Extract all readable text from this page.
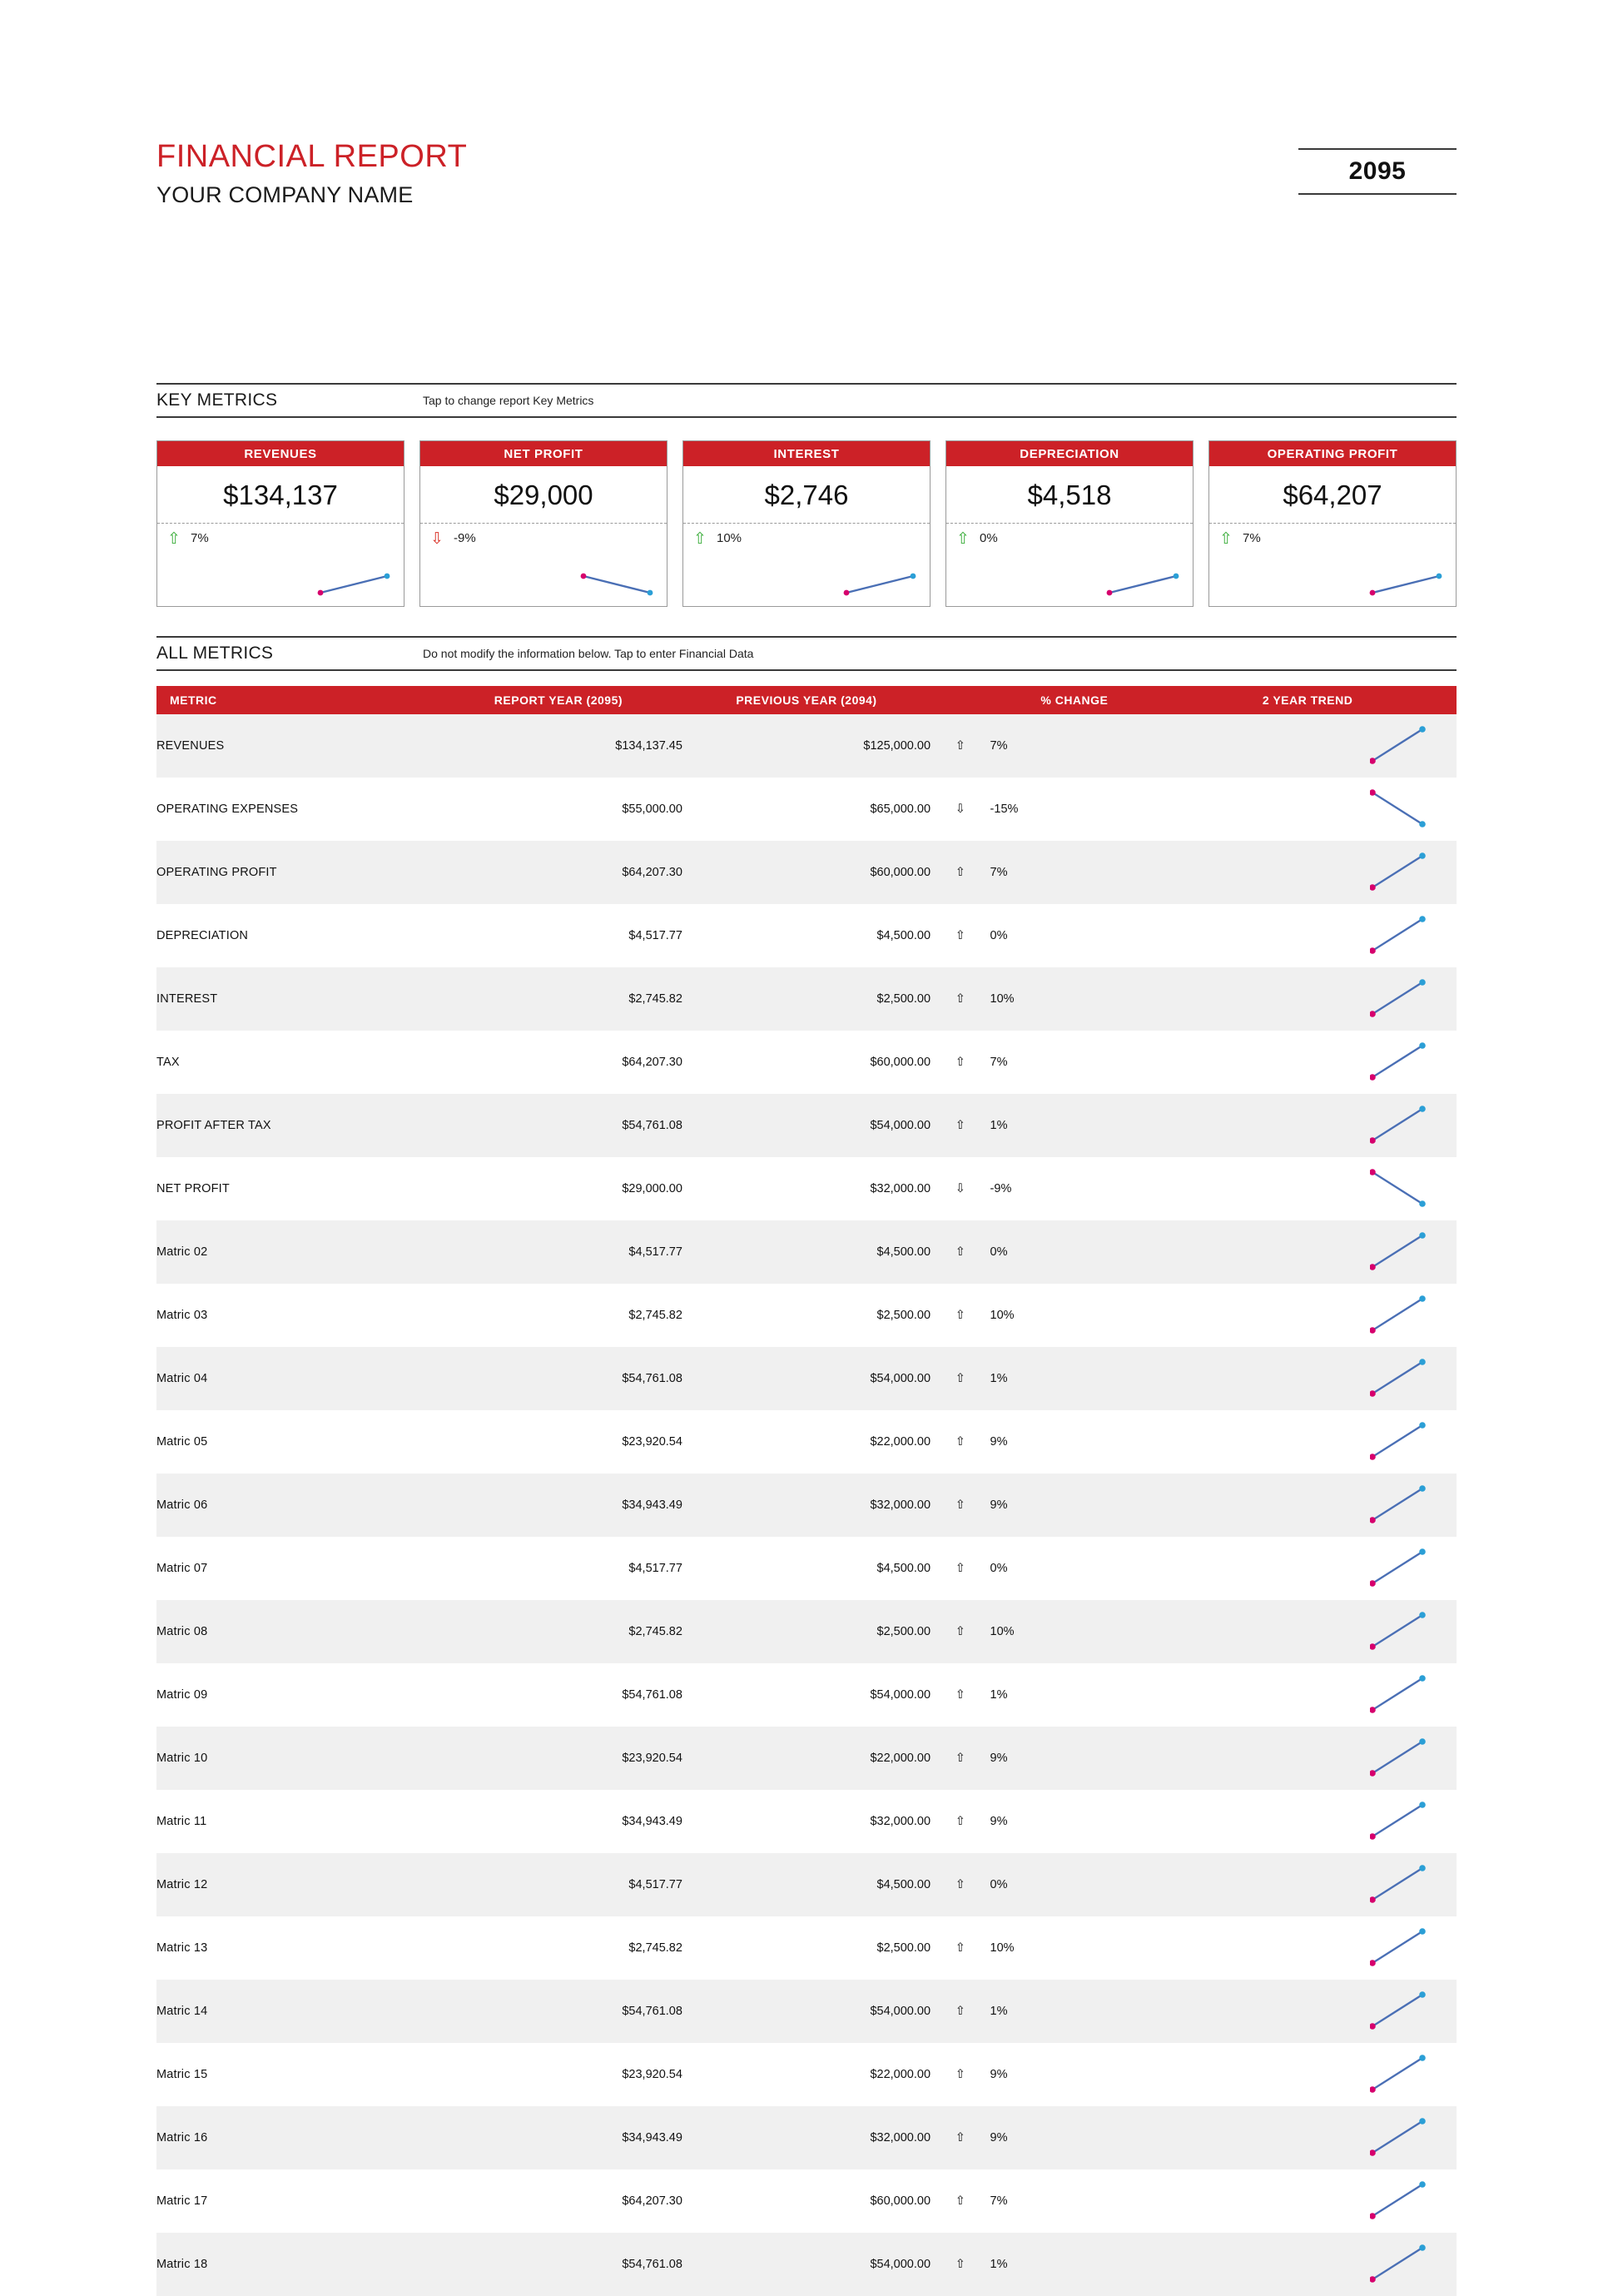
FINANCIAL REPORT
YOUR COMPANY NAME
2095
KEY METRICS	Tap to change report Key Metrics
REVENUES
$134,137
⇧ 7%
NET PROFIT
$29,000
⇩ -9%
INTEREST
$2,746
⇧ 10%
DEPRECIATION
$4,518
⇧ 0%
OPERATING PROFIT
$64,207
⇧ 7%
ALL METRICS	Do not modify the information below. Tap to enter Financial Data
METRIC	REPORT YEAR (2095)	PREVIOUS YEAR (2094)		% CHANGE	2 YEAR TREND
REVENUES	$134,137.45	$125,000.00	⇧	7%	

OPERATING EXPENSES	$55,000.00	$65,000.00	⇩	-15%	

OPERATING PROFIT	$64,207.30	$60,000.00	⇧	7%	

DEPRECIATION	$4,517.77	$4,500.00	⇧	0%	

INTEREST	$2,745.82	$2,500.00	⇧	10%	

TAX	$64,207.30	$60,000.00	⇧	7%	

PROFIT AFTER TAX	$54,761.08	$54,000.00	⇧	1%	

NET PROFIT	$29,000.00	$32,000.00	⇩	-9%	

Matric 02	$4,517.77	$4,500.00	⇧	0%	

Matric 03	$2,745.82	$2,500.00	⇧	10%	

Matric 04	$54,761.08	$54,000.00	⇧	1%	

Matric 05	$23,920.54	$22,000.00	⇧	9%	

Matric 06	$34,943.49	$32,000.00	⇧	9%	

Matric 07	$4,517.77	$4,500.00	⇧	0%	

Matric 08	$2,745.82	$2,500.00	⇧	10%	

Matric 09	$54,761.08	$54,000.00	⇧	1%	

Matric 10	$23,920.54	$22,000.00	⇧	9%	

Matric 11	$34,943.49	$32,000.00	⇧	9%	

Matric 12	$4,517.77	$4,500.00	⇧	0%	

Matric 13	$2,745.82	$2,500.00	⇧	10%	

Matric 14	$54,761.08	$54,000.00	⇧	1%	

Matric 15	$23,920.54	$22,000.00	⇧	9%	

Matric 16	$34,943.49	$32,000.00	⇧	9%	

Matric 17	$64,207.30	$60,000.00	⇧	7%	

Matric 18	$54,761.08	$54,000.00	⇧	1%	
